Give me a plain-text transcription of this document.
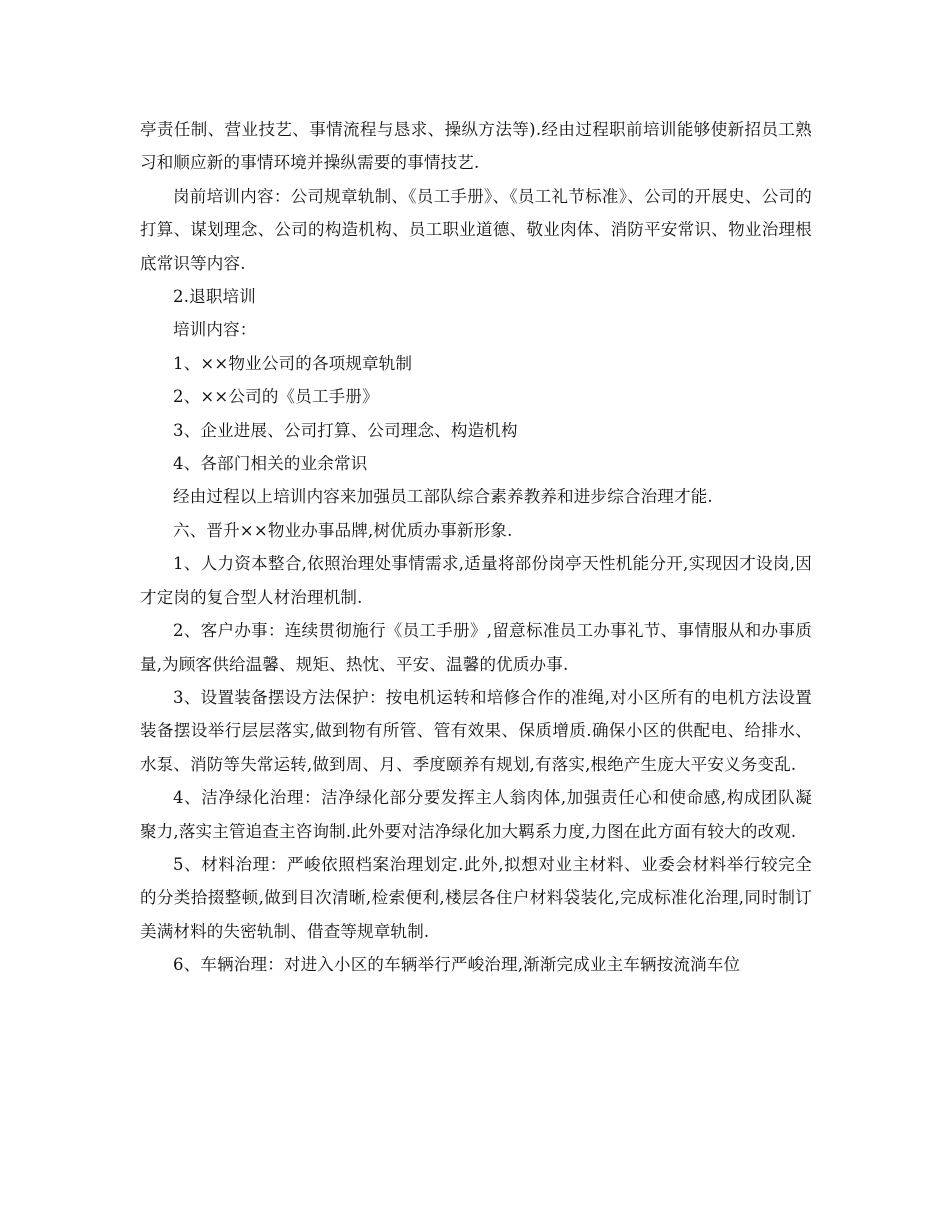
亭责任制、营业技艺、事情流程与恳求、操纵方法等).经由过程职前培训能够使新招员工熟习和顺应新的事情环境并操纵需要的事情技艺.

岗前培训内容：公司规章轨制、《员工手册》、《员工礼节标准》、公司的开展史、公司的打算、谋划理念、公司的构造机构、员工职业道德、敬业肉体、消防平安常识、物业治理根底常识等内容.

2.退职培训

培训内容：

1、××物业公司的各项规章轨制

2、××公司的《员工手册》

3、企业进展、公司打算、公司理念、构造机构

4、各部门相关的业余常识

经由过程以上培训内容来加强员工部队综合素养教养和进步综合治理才能.

六、晋升××物业办事品牌,树优质办事新形象.

1、人力资本整合,依照治理处事情需求,适量将部份岗亭天性机能分开,实现因才设岗,因才定岗的复合型人材治理机制.

2、客户办事：连续贯彻施行《员工手册》,留意标准员工办事礼节、事情服从和办事质量,为顾客供给温馨、规矩、热忱、平安、温馨的优质办事.

3、设置装备摆设方法保护：按电机运转和培修合作的准绳,对小区所有的电机方法设置装备摆设举行层层落实,做到物有所管、管有效果、保质增质.确保小区的供配电、给排水、水泵、消防等失常运转,做到周、月、季度颐养有规划,有落实,根绝产生庞大平安义务变乱.

4、洁净绿化治理：洁净绿化部分要发挥主人翁肉体,加强责任心和使命感,构成团队凝聚力,落实主管追查主咨询制.此外要对洁净绿化加大羁系力度,力图在此方面有较大的改观.

5、材料治理：严峻依照档案治理划定.此外,拟想对业主材料、业委会材料举行较完全的分类拾掇整顿,做到目次清晰,检索便利,楼层各住户材料袋装化,完成标准化治理,同时制订美满材料的失密轨制、借查等规章轨制.

6、车辆治理：对进入小区的车辆举行严峻治理,渐渐完成业主车辆按流淌车位
